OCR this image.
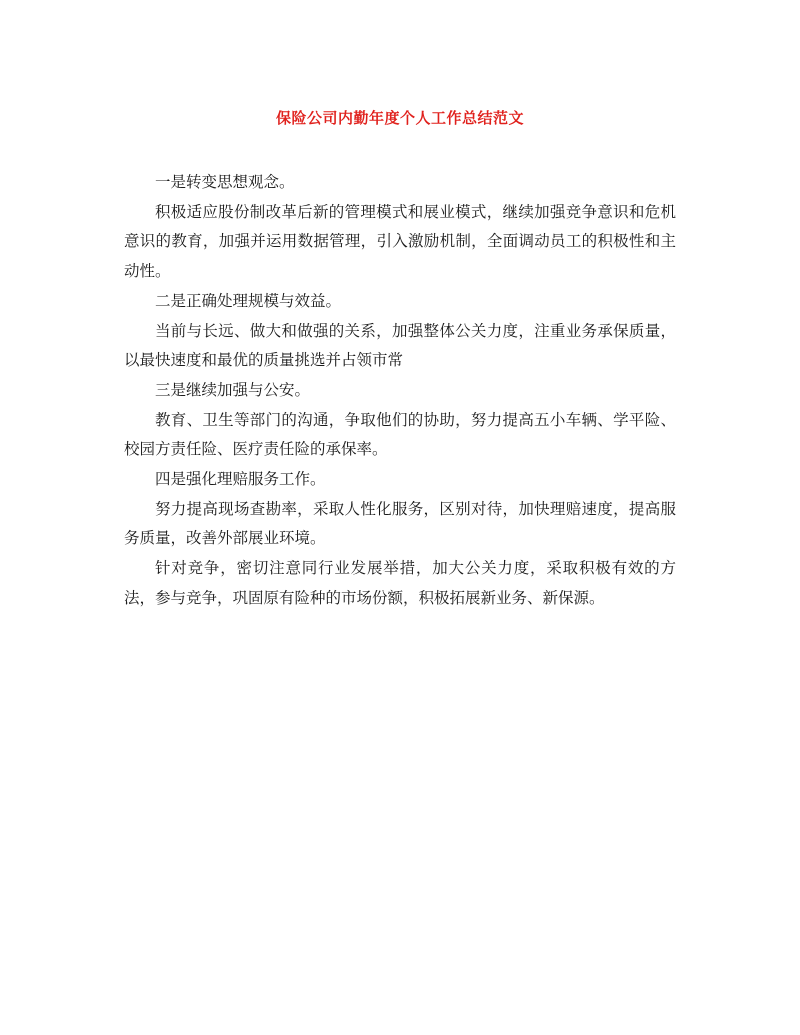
保险公司内勤年度个人工作总结范文

一是转变思想观念。

积极适应股份制改革后新的管理模式和展业模式，继续加强竞争意识和危机意识的教育，加强并运用数据管理，引入激励机制，全面调动员工的积极性和主动性。

二是正确处理规模与效益。

当前与长远、做大和做强的关系，加强整体公关力度，注重业务承保质量，以最快速度和最优的质量挑选并占领市常

三是继续加强与公安。

教育、卫生等部门的沟通，争取他们的协助，努力提高五小车辆、学平险、校园方责任险、医疗责任险的承保率。

四是强化理赔服务工作。

努力提高现场查勘率，采取人性化服务，区别对待，加快理赔速度，提高服务质量，改善外部展业环境。

针对竞争，密切注意同行业发展举措，加大公关力度，采取积极有效的方法，参与竞争，巩固原有险种的市场份额，积极拓展新业务、新保源。
